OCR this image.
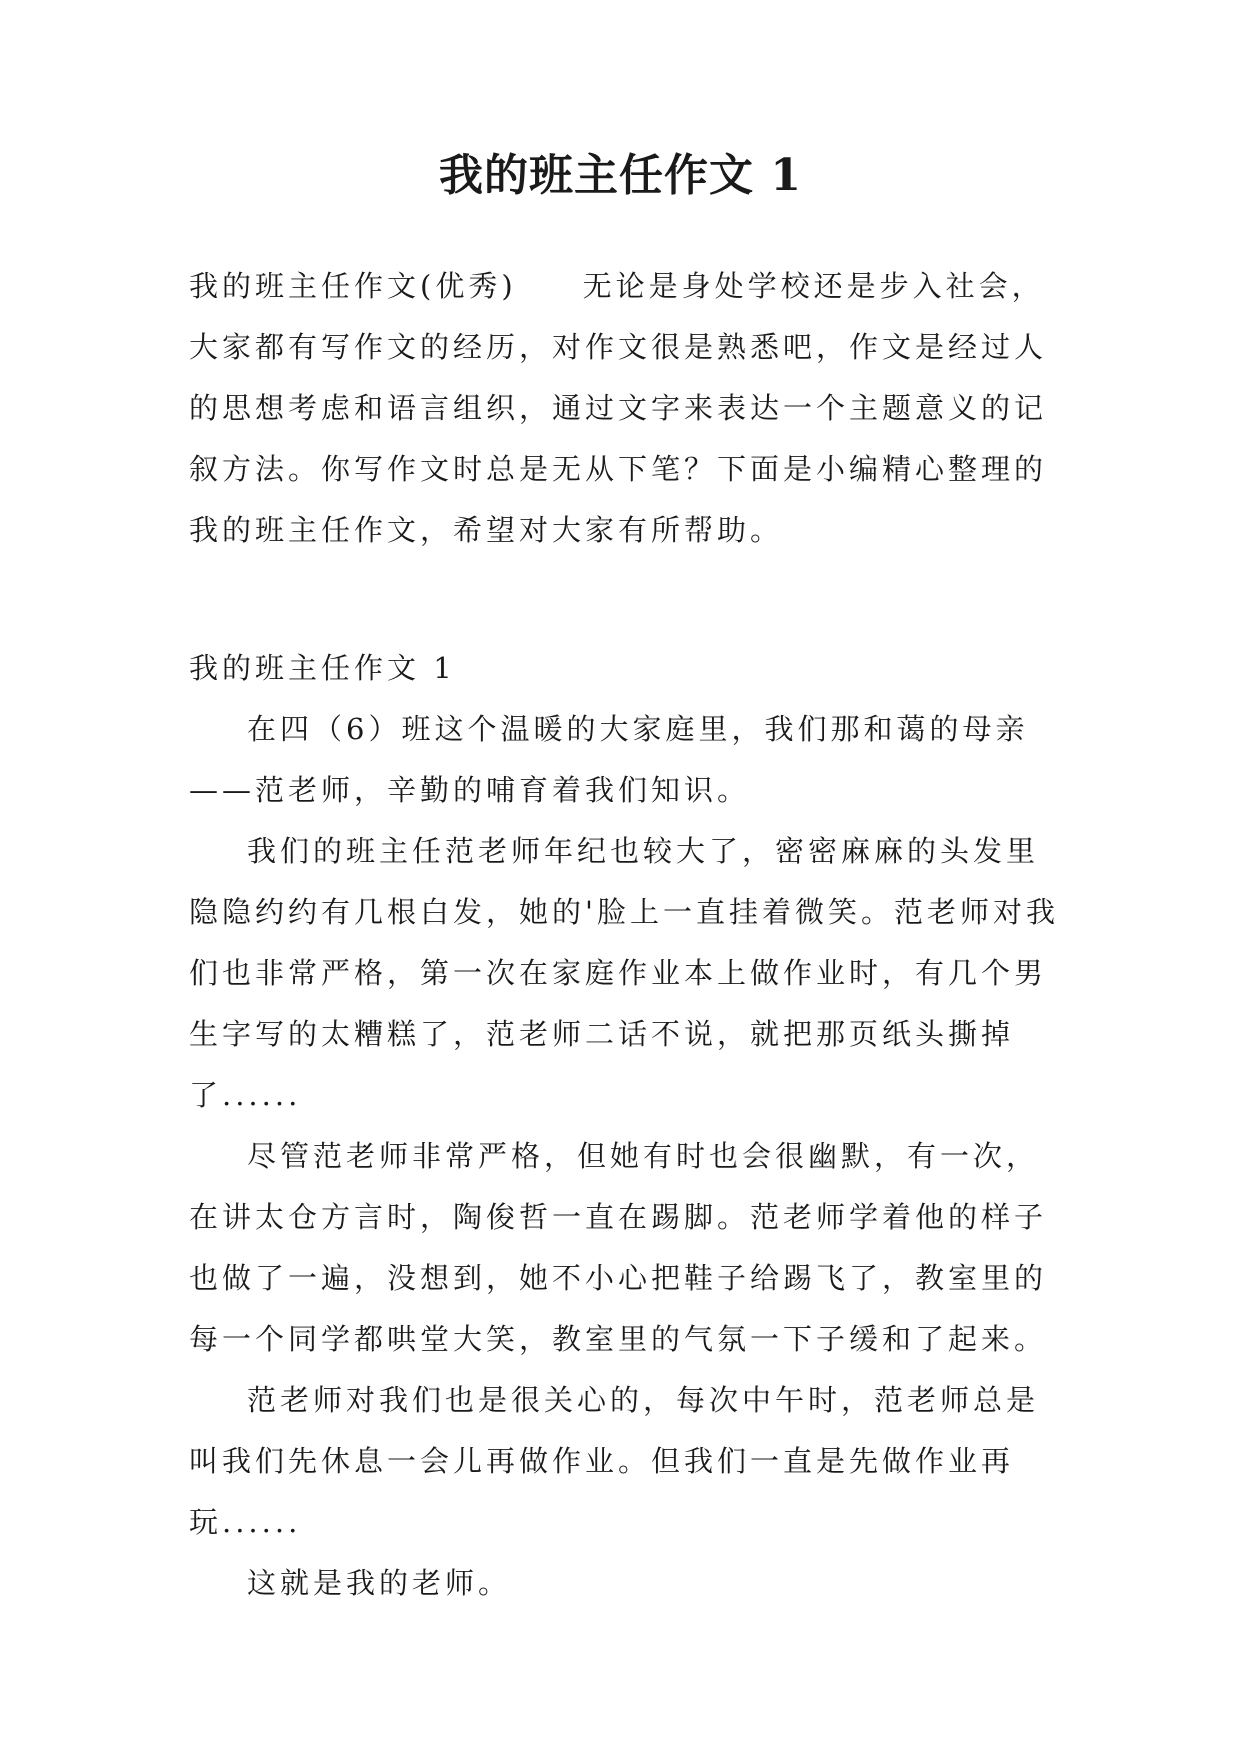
我的班主任作文 1

我的班主任作文(优秀)　　无论是身处学校还是步入社会，大家都有写作文的经历，对作文很是熟悉吧，作文是经过人的思想考虑和语言组织，通过文字来表达一个主题意义的记叙方法。你写作文时总是无从下笔？下面是小编精心整理的我的班主任作文，希望对大家有所帮助。

我的班主任作文 1

在四（6）班这个温暖的大家庭里，我们那和蔼的母亲——范老师，辛勤的哺育着我们知识。

我们的班主任范老师年纪也较大了，密密麻麻的头发里隐隐约约有几根白发，她的'脸上一直挂着微笑。范老师对我们也非常严格，第一次在家庭作业本上做作业时，有几个男生字写的太糟糕了，范老师二话不说，就把那页纸头撕掉了......

尽管范老师非常严格，但她有时也会很幽默，有一次，在讲太仓方言时，陶俊哲一直在踢脚。范老师学着他的样子也做了一遍，没想到，她不小心把鞋子给踢飞了，教室里的每一个同学都哄堂大笑，教室里的气氛一下子缓和了起来。

范老师对我们也是很关心的，每次中午时，范老师总是叫我们先休息一会儿再做作业。但我们一直是先做作业再玩......

这就是我的老师。
